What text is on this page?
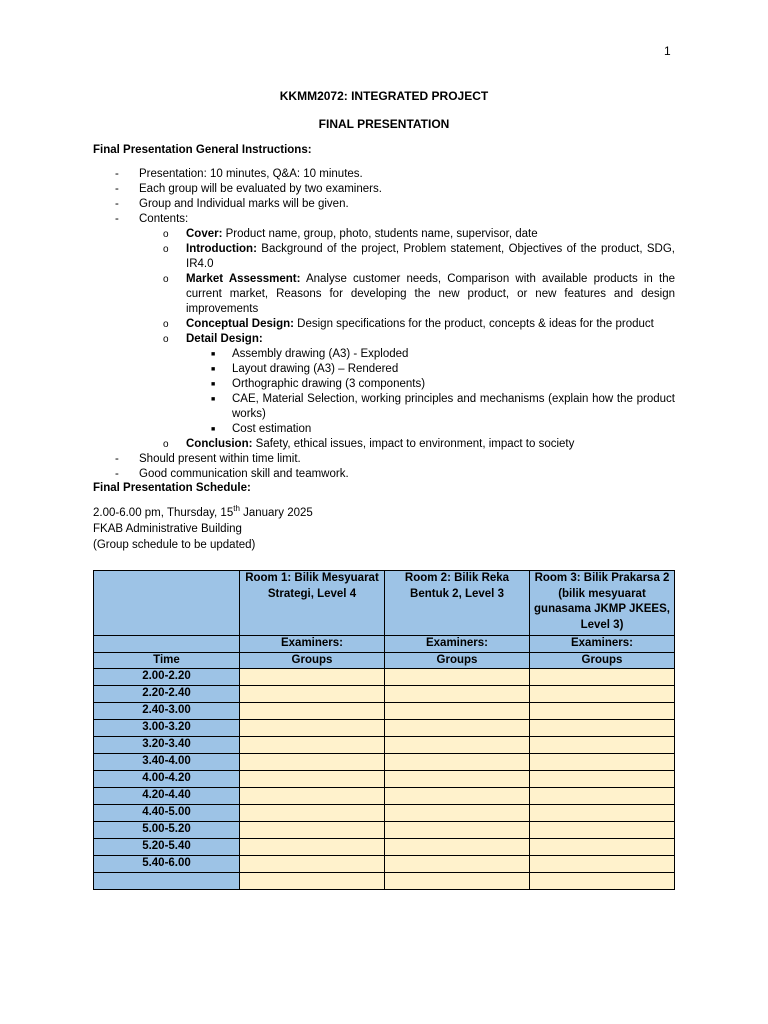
1
KKMM2072: INTEGRATED PROJECT
FINAL PRESENTATION
Final Presentation General Instructions:
- Presentation: 10 minutes, Q&A: 10 minutes.
- Each group will be evaluated by two examiners.
- Group and Individual marks will be given.
- Contents:
o Cover: Product name, group, photo, students name, supervisor, date
o Introduction: Background of the project, Problem statement, Objectives of the product, SDG, IR4.0
o Market Assessment: Analyse customer needs, Comparison with available products in the current market, Reasons for developing the new product, or new features and design improvements
o Conceptual Design: Design specifications for the product, concepts & ideas for the product
o Detail Design:
■ Assembly drawing (A3) - Exploded
■ Layout drawing (A3) – Rendered
■ Orthographic drawing (3 components)
■ CAE, Material Selection, working principles and mechanisms (explain how the product works)
■ Cost estimation
o Conclusion: Safety, ethical issues, impact to environment, impact to society
- Should present within time limit.
- Good communication skill and teamwork.
Final Presentation Schedule:
2.00-6.00 pm, Thursday, 15th January 2025
FKAB Administrative Building
(Group schedule to be updated)
	Room 1: Bilik Mesyuarat Strategi, Level 4	Room 2: Bilik Reka Bentuk 2, Level 3	Room 3: Bilik Prakarsa 2 (bilik mesyuarat gunasama JKMP JKEES, Level 3)
	Examiners:	Examiners:	Examiners:
Time	Groups	Groups	Groups
2.00-2.20			
2.20-2.40			
2.40-3.00			
3.00-3.20			
3.20-3.40			
3.40-4.00			
4.00-4.20			
4.20-4.40			
4.40-5.00			
5.00-5.20			
5.20-5.40			
5.40-6.00			
